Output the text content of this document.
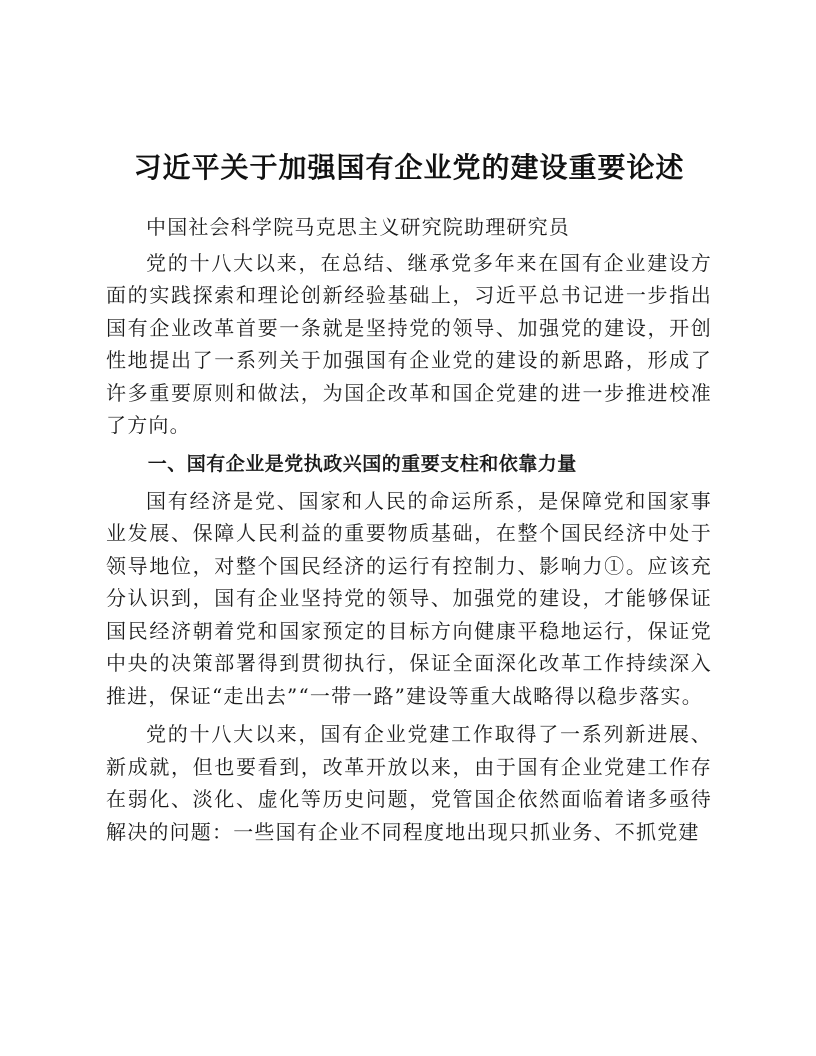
习近平关于加强国有企业党的建设重要论述

中国社会科学院马克思主义研究院助理研究员

党的十八大以来，在总结、继承党多年来在国有企业建设方面的实践探索和理论创新经验基础上，习近平总书记进一步指出国有企业改革首要一条就是坚持党的领导、加强党的建设，开创性地提出了一系列关于加强国有企业党的建设的新思路，形成了许多重要原则和做法，为国企改革和国企党建的进一步推进校准了方向。

一、国有企业是党执政兴国的重要支柱和依靠力量

国有经济是党、国家和人民的命运所系，是保障党和国家事业发展、保障人民利益的重要物质基础，在整个国民经济中处于领导地位，对整个国民经济的运行有控制力、影响力①。应该充分认识到，国有企业坚持党的领导、加强党的建设，才能够保证国民经济朝着党和国家预定的目标方向健康平稳地运行，保证党中央的决策部署得到贯彻执行，保证全面深化改革工作持续深入推进，保证“走出去”“一带一路”建设等重大战略得以稳步落实。

党的十八大以来，国有企业党建工作取得了一系列新进展、新成就，但也要看到，改革开放以来，由于国有企业党建工作存在弱化、淡化、虚化等历史问题，党管国企依然面临着诸多亟待解决的问题：一些国有企业不同程度地出现只抓业务、不抓党建
